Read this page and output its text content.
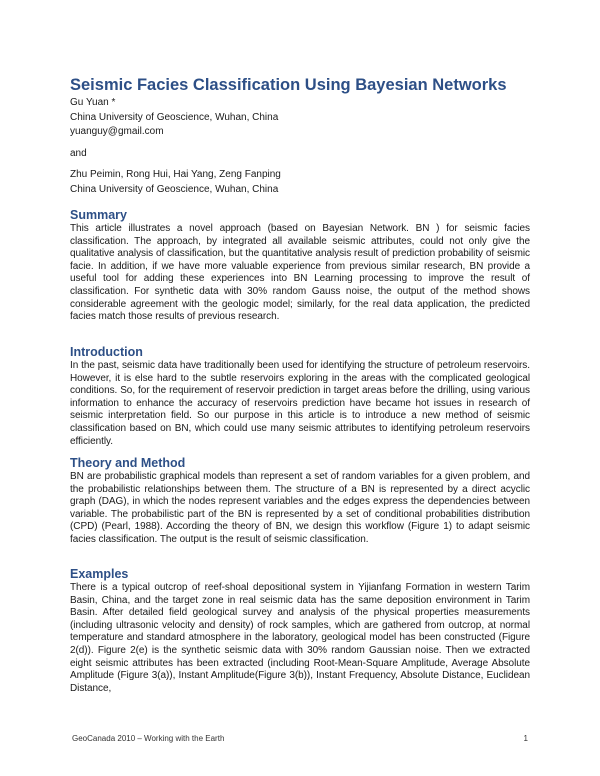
Seismic Facies Classification Using Bayesian Networks
Gu Yuan *
China University of Geoscience, Wuhan, China
yuanguy@gmail.com
and
Zhu Peimin, Rong Hui, Hai Yang, Zeng Fanping
China University of Geoscience, Wuhan, China
Summary
This article illustrates a novel approach (based on Bayesian Network. BN ) for seismic facies classification. The approach, by integrated all available seismic attributes, could not only give the qualitative analysis of classification, but the quantitative analysis result of prediction probability of seismic facie. In addition, if we have more valuable experience from previous similar research, BN provide a useful tool for adding these experiences into BN Learning processing to improve the result of classification. For synthetic data with 30% random Gauss noise, the output of the method shows considerable agreement with the geologic model; similarly, for the real data application, the predicted facies match those results of previous research.
Introduction
In the past, seismic data have traditionally been used for identifying the structure of petroleum reservoirs. However, it is else hard to the subtle reservoirs exploring in the areas with the complicated geological conditions. So, for the requirement of reservoir prediction in target areas before the drilling, using various information to enhance the accuracy of reservoirs prediction have became hot issues in research of seismic interpretation field. So our purpose in this article is to introduce a new method of seismic classification based on BN, which could use many seismic attributes to identifying petroleum reservoirs efficiently.
Theory and Method
BN are probabilistic graphical models than represent a set of random variables for a given problem, and the probabilistic relationships between them. The structure of a BN is represented by a direct acyclic graph (DAG), in which the nodes represent variables and the edges express the dependencies between variable. The probabilistic part of the BN is represented by a set of conditional probabilities distribution (CPD) (Pearl, 1988). According the theory of BN, we design this workflow (Figure 1) to adapt seismic facies classification. The output is the result of seismic classification.
Examples
There is a typical outcrop of reef-shoal depositional system in Yijianfang Formation in western Tarim Basin, China, and the target zone in real seismic data has the same deposition environment in Tarim Basin. After detailed field geological survey and analysis of the physical properties measurements (including ultrasonic velocity and density) of rock samples, which are gathered from outcrop, at normal temperature and standard atmosphere in the laboratory, geological model has been constructed (Figure 2(d)). Figure 2(e) is the synthetic seismic data with 30% random Gaussian noise. Then we extracted eight seismic attributes has been extracted (including Root-Mean-Square Amplitude, Average Absolute Amplitude (Figure 3(a)), Instant Amplitude(Figure 3(b)), Instant Frequency, Absolute Distance, Euclidean Distance,
GeoCanada 2010 – Working with the Earth	1
